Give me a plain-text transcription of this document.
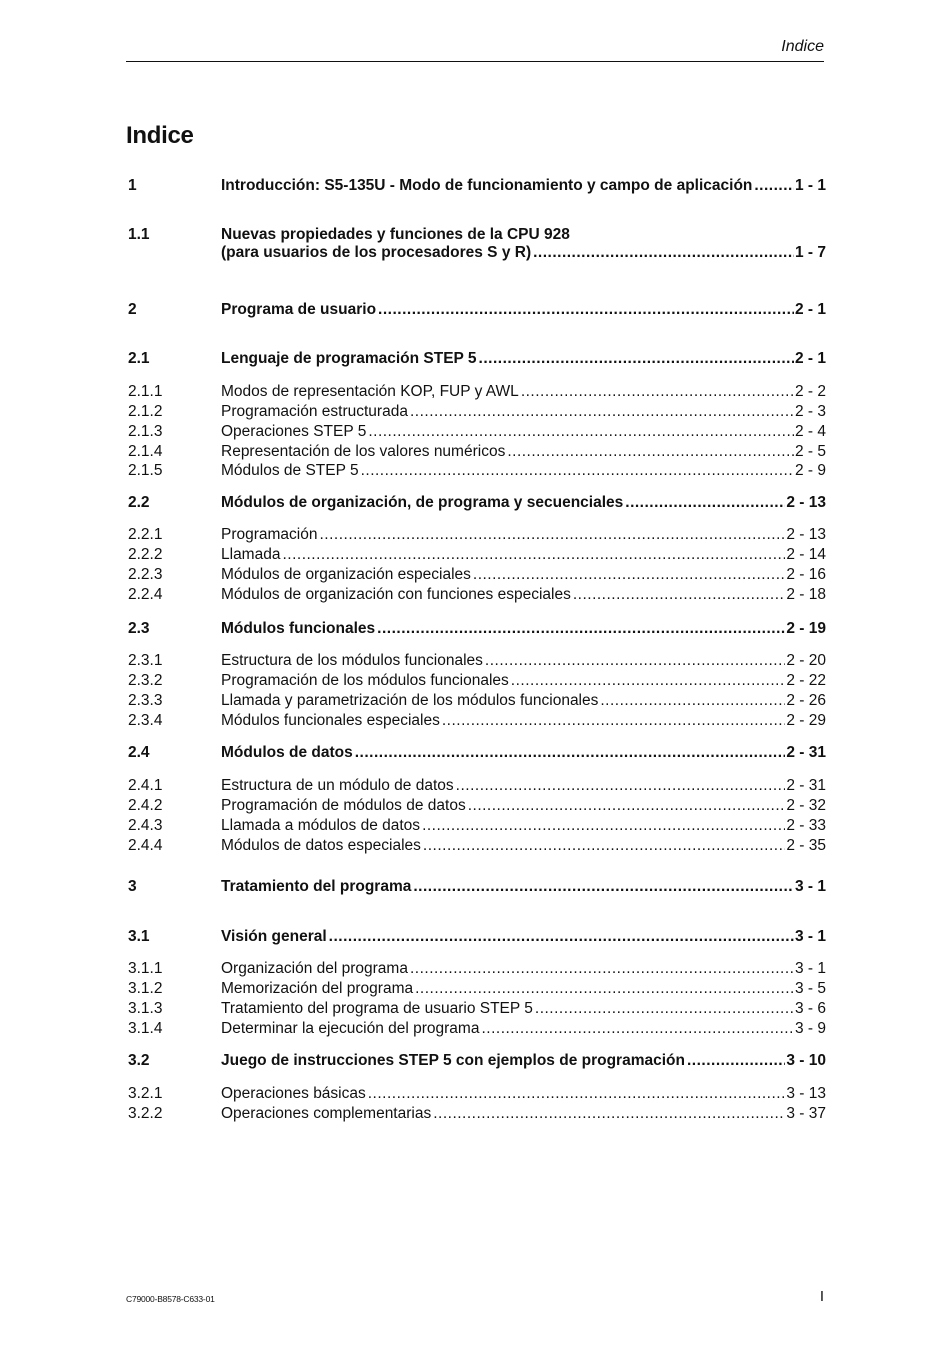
Indice
Indice
1	Introducción: S5-135U - Modo de funcionamiento y campo de aplicación .....	1 - 1
1.1	Nuevas propiedades y funciones de la CPU 928
(para usuarios de los procesadores S y R) .....	1 - 7
2	Programa de usuario .....	2 - 1
2.1	Lenguaje de programación STEP 5 .....	2 - 1
2.1.1	Modos de representación KOP, FUP y AWL .....	2 - 2
2.1.2	Programación estructurada .....	2 - 3
2.1.3	Operaciones STEP 5 .....	2 - 4
2.1.4	Representación de los valores numéricos .....	2 - 5
2.1.5	Módulos de STEP 5 .....	2 - 9
2.2	Módulos de organización, de programa y secuenciales .....	2 - 13
2.2.1	Programación .....	2 - 13
2.2.2	Llamada .....	2 - 14
2.2.3	Módulos de organización especiales .....	2 - 16
2.2.4	Módulos de organización con funciones especiales .....	2 - 18
2.3	Módulos funcionales .....	2 - 19
2.3.1	Estructura de los módulos funcionales .....	2 - 20
2.3.2	Programación de los módulos funcionales .....	2 - 22
2.3.3	Llamada y parametrización de los módulos funcionales .....	2 - 26
2.3.4	Módulos funcionales especiales .....	2 - 29
2.4	Módulos de datos .....	2 - 31
2.4.1	Estructura de un módulo de datos .....	2 - 31
2.4.2	Programación de módulos de datos .....	2 - 32
2.4.3	Llamada a módulos de datos .....	2 - 33
2.4.4	Módulos de datos especiales .....	2 - 35
3	Tratamiento del programa .....	3 - 1
3.1	Visión general .....	3 - 1
3.1.1	Organización del programa .....	3 - 1
3.1.2	Memorización del programa .....	3 - 5
3.1.3	Tratamiento del programa de usuario STEP 5 .....	3 - 6
3.1.4	Determinar la ejecución del programa .....	3 - 9
3.2	Juego de instrucciones STEP 5 con ejemplos de programación .....	3 - 10
3.2.1	Operaciones básicas .....	3 - 13
3.2.2	Operaciones complementarias .....	3 - 37
C79000-B8578-C633-01	I
